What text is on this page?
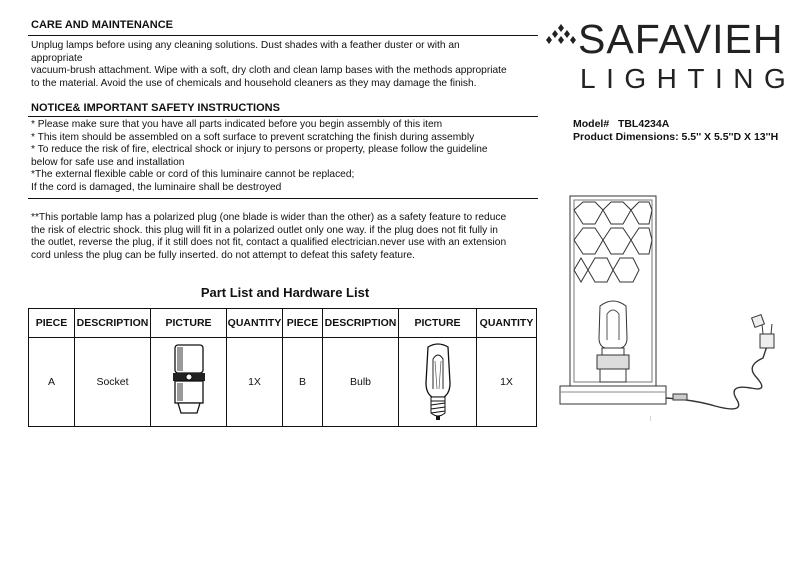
CARE AND MAINTENANCE
Unplug lamps before using any cleaning solutions. Dust shades with a feather duster or with an
appropriate
vacuum-brush attachment. Wipe with a soft, dry cloth and clean lamp bases with the methods appropriate
to the material. Avoid the use of chemicals and household cleaners as they may damage the finish.
NOTICE& IMPORTANT SAFETY INSTRUCTIONS
* Please make sure that you have all parts indicated before you begin assembly of this item
* This item should be assembled on a soft surface to prevent scratching the finish during assembly
* To reduce the risk of fire, electrical shock or injury to persons or property, please follow the guideline
below for safe use and installation
*The external flexible cable or cord of this luminaire cannot be replaced;
If the cord is damaged, the luminaire shall be destroyed
**This portable lamp has a polarized plug (one blade is wider than the other) as a safety feature to reduce
the risk of electric shock. this plug will fit in a polarized outlet only one way. if the plug does not fit fully in
the outlet, reverse the plug, if it still does not fit, contact a qualified electrician.never use with an extension
cord unless the plug can be fully inserted. do not attempt to defeat this safety feature.
Part List and Hardware List
PIECE	DESCRIPTION	PICTURE	QUANTITY	PIECE	DESCRIPTION	PICTURE	QUANTITY
A	Socket		1X	B	Bulb		1X
SAFAVIEH
LIGHTING
Model# TBL4234A
Product Dimensions: 5.5'' X 5.5''D X 13''H
|
